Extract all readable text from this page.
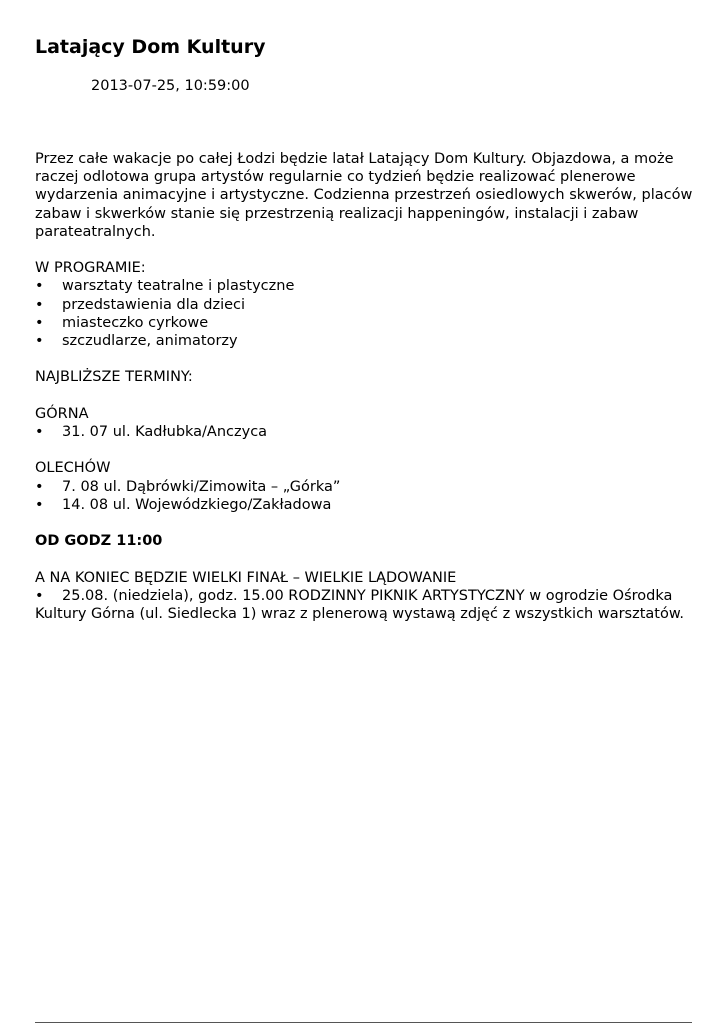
Latający Dom Kultury
2013-07-25, 10:59:00

Przez całe wakacje po całej Łodzi będzie latał Latający Dom Kultury. Objazdowa, a może raczej odlotowa grupa artystów regularnie co tydzień będzie realizować plenerowe wydarzenia animacyjne i artystyczne. Codzienna przestrzeń osiedlowych skwerów, placów zabaw i skwerków stanie się przestrzenią realizacji happeningów, instalacji i zabaw parateatralnych.

W PROGRAMIE:

•	warsztaty teatralne i plastyczne
•	przedstawienia dla dzieci
•	miasteczko cyrkowe
•	szczudlarze, animatorzy

NAJBLIŻSZE TERMINY:

GÓRNA

•	31. 07 ul. Kadłubka/Anczyca

OLECHÓW

•	7. 08 ul. Dąbrówki/Zimowita – „Górka”
•	14. 08 ul. Wojewódzkiego/Zakładowa

OD GODZ 11:00

A NA KONIEC BĘDZIE WIELKI FINAŁ – WIELKIE LĄDOWANIE

• 25.08. (niedziela), godz. 15.00 RODZINNY PIKNIK ARTYSTYCZNY w ogrodzie Ośrodka Kultury Górna (ul. Siedlecka 1) wraz z plenerową wystawą zdjęć z wszystkich warsztatów.
